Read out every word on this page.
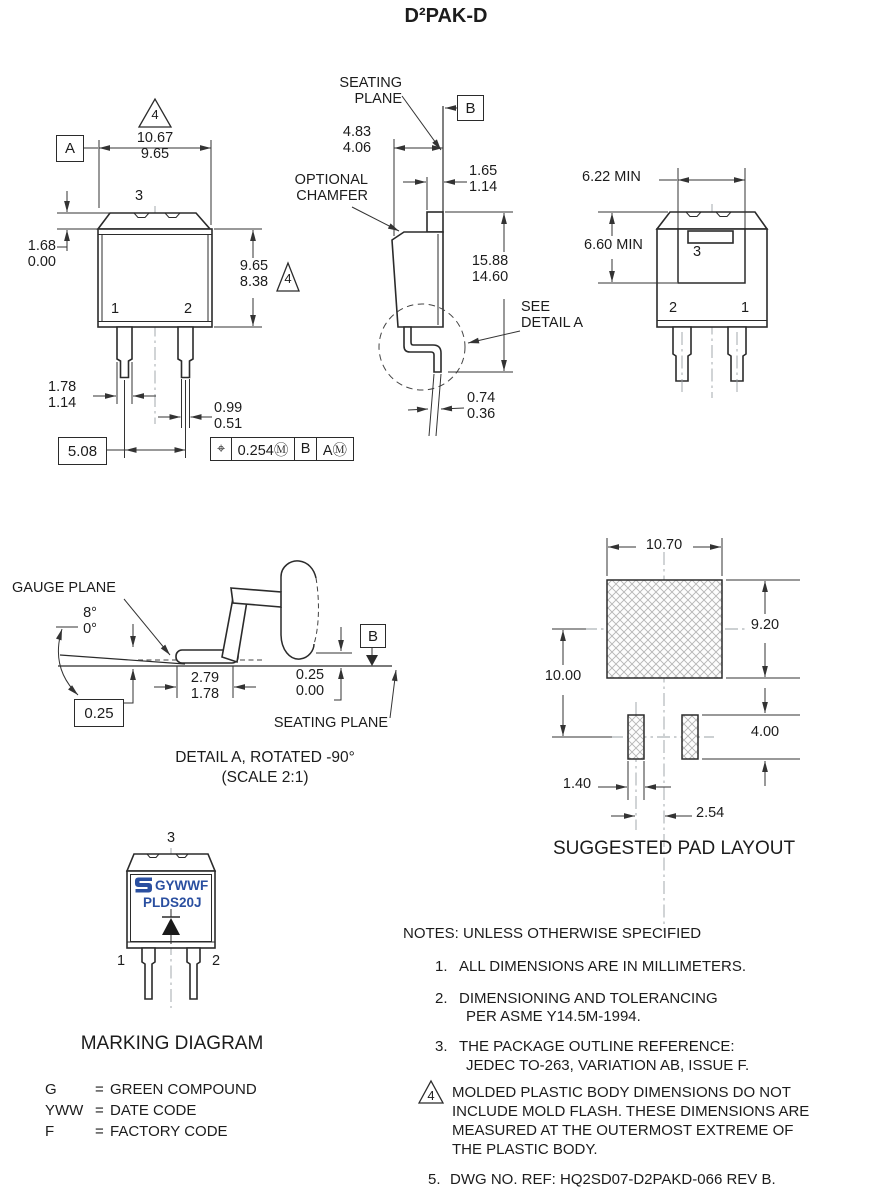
D²PAK-D
4
A
10.67
9.65
3
1.68
0.00	9.65
8.38	4
1	2
1.78
1.14	0.99
0.51
5.08	⌖ 0.254Ⓜ B AⓂ
SEATING
PLANE
B
4.83
4.06
OPTIONAL
CHAMFER
1.65
1.14
15.88
14.60
SEE
DETAIL A
0.74
0.36
6.22 MIN
6.60 MIN	3
2	1
GAUGE PLANE
8°
0°
2.79
1.78
0.25
0.00
0.25
B
SEATING PLANE
DETAIL A, ROTATED -90°
(SCALE 2:1)
10.70
9.20
10.00
4.00
1.40
2.54
SUGGESTED PAD LAYOUT
3
GYWWF
PLDS20J
1	2
MARKING DIAGRAM
G	= GREEN COMPOUND
YWW = DATE CODE
F	= FACTORY CODE
NOTES: UNLESS OTHERWISE SPECIFIED
1. ALL DIMENSIONS ARE IN MILLIMETERS.
2. DIMENSIONING AND TOLERANCING
PER ASME Y14.5M-1994.
3. THE PACKAGE OUTLINE REFERENCE:
JEDEC TO-263, VARIATION AB, ISSUE F.
4 MOLDED PLASTIC BODY DIMENSIONS DO NOT
INCLUDE MOLD FLASH. THESE DIMENSIONS ARE
MEASURED AT THE OUTERMOST EXTREME OF
THE PLASTIC BODY.
5. DWG NO. REF: HQ2SD07-D2PAKD-066 REV B.
